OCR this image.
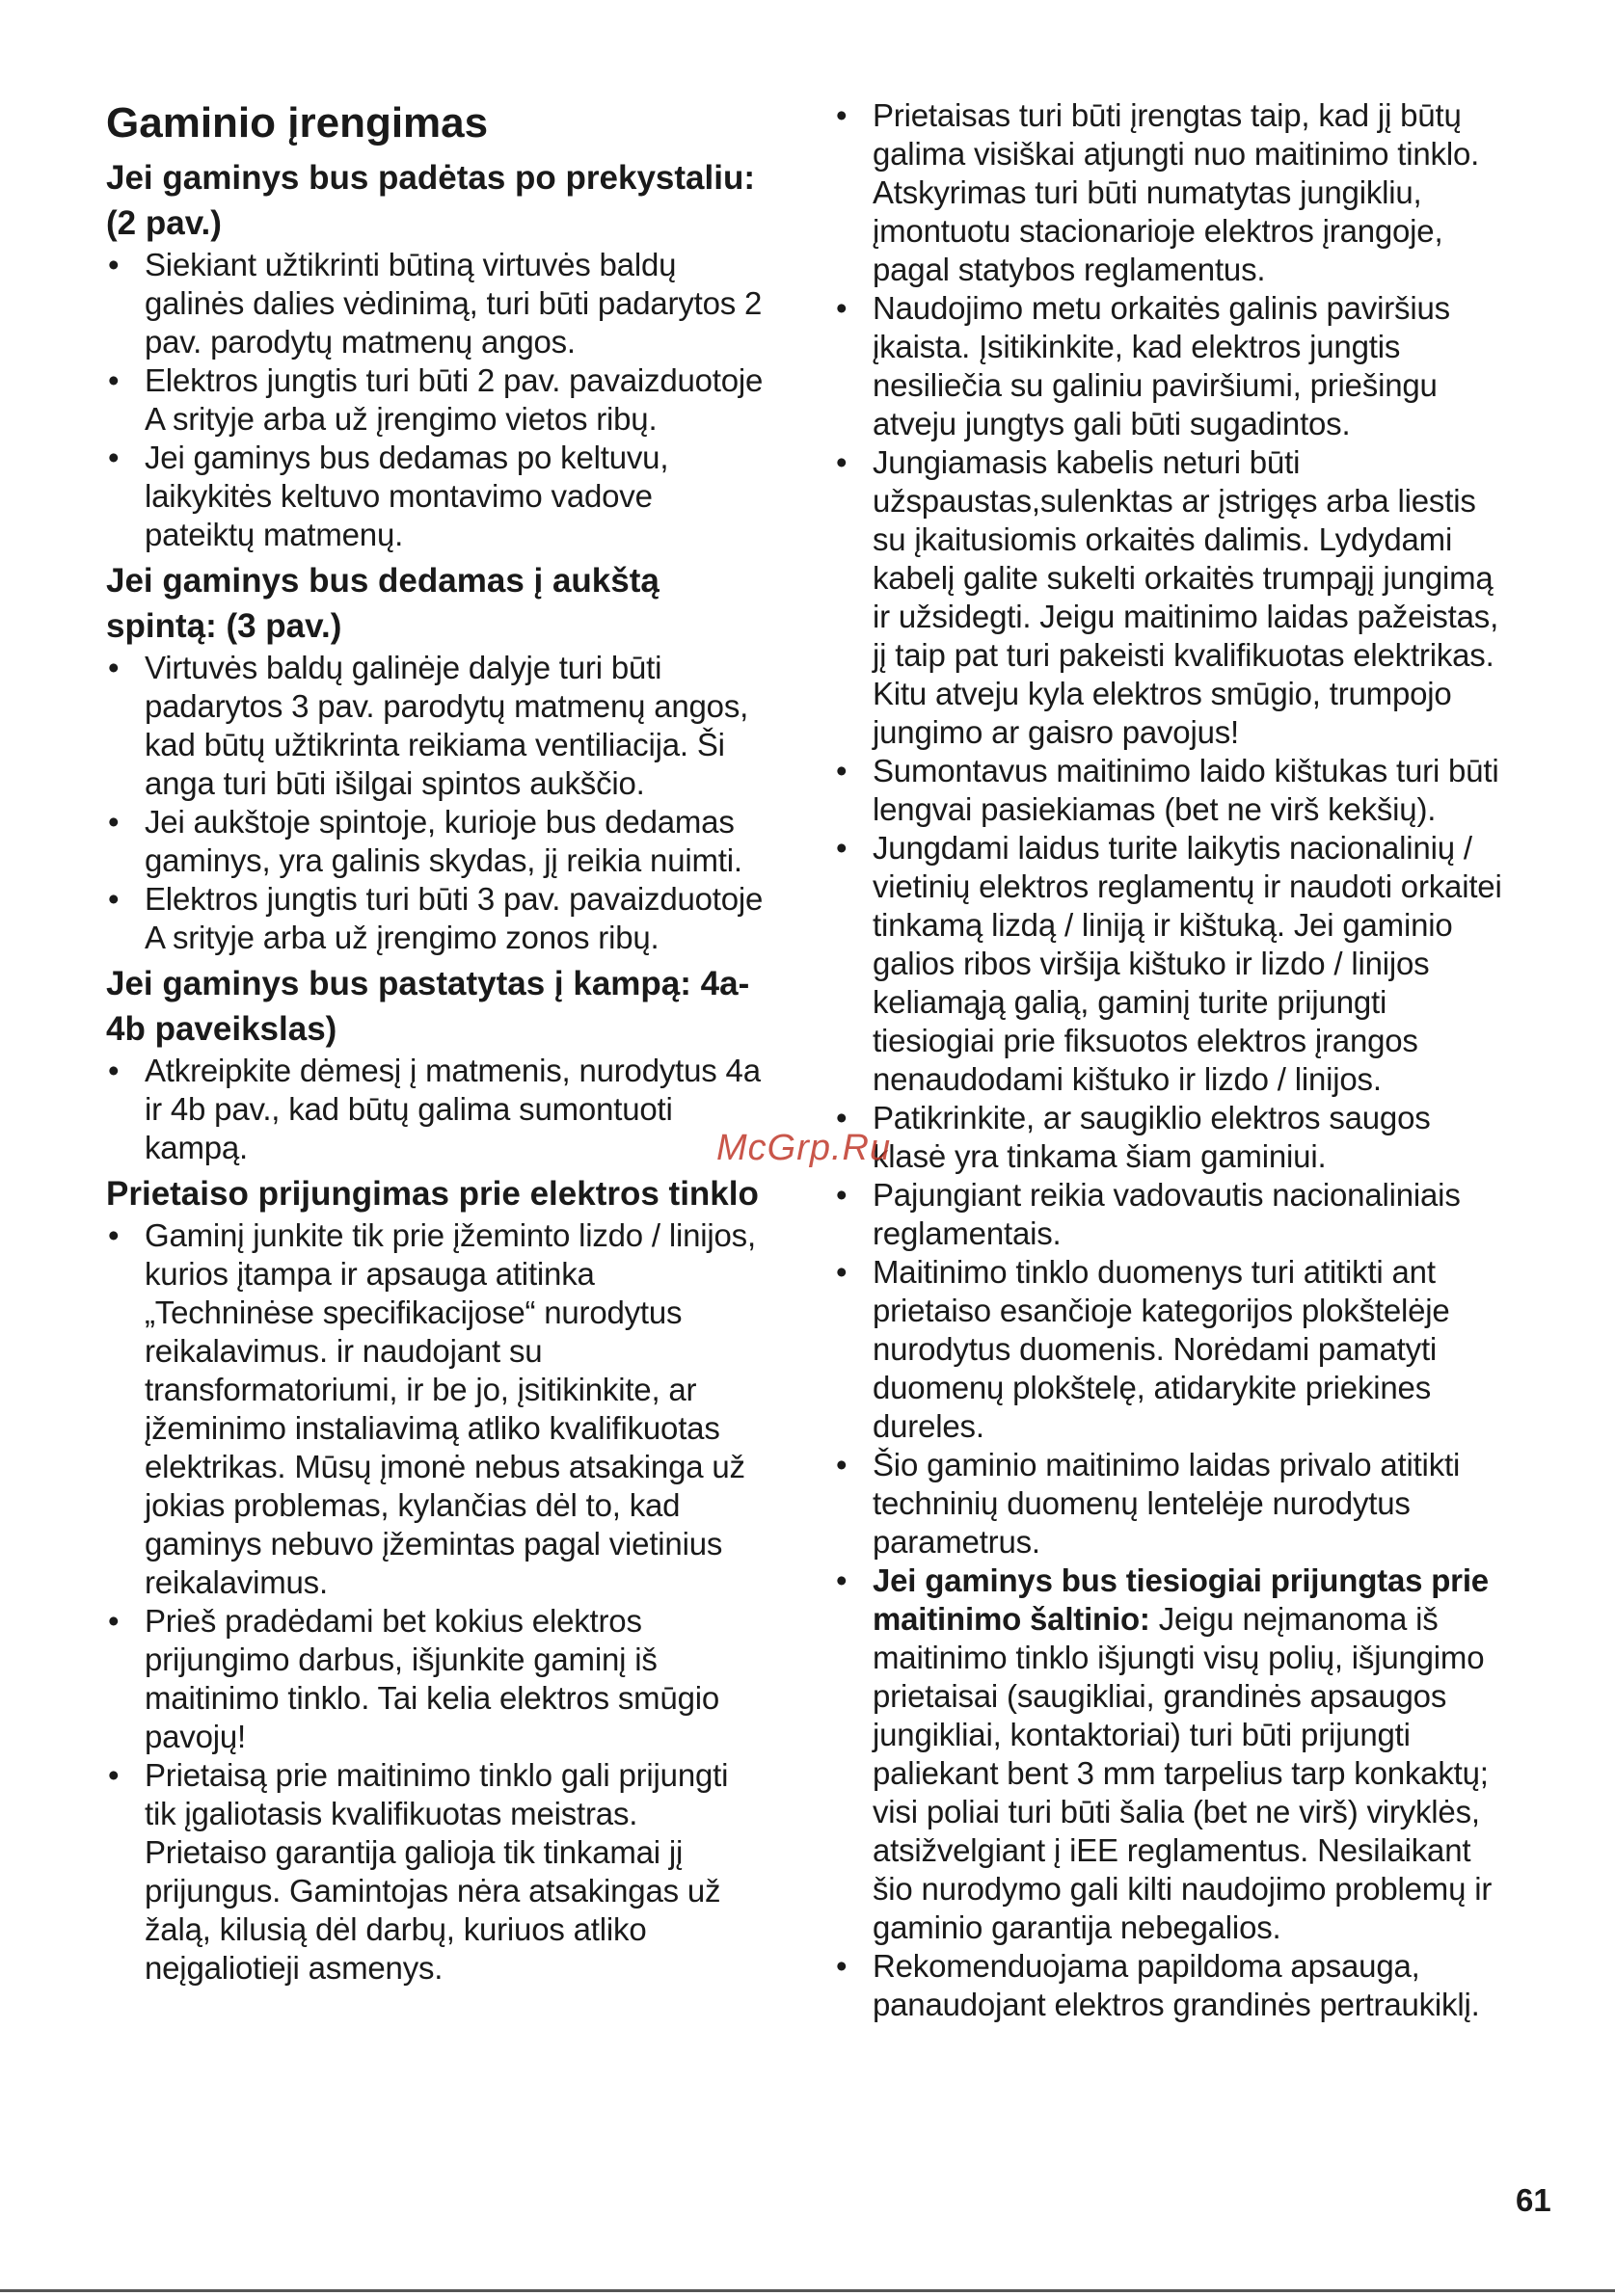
Gaminio įrengimas
Jei gaminys bus padėtas po prekystaliu: (2 pav.)
• Siekiant užtikrinti būtiną virtuvės baldų galinės dalies vėdinimą, turi būti padarytos 2 pav. parodytų matmenų angos.
• Elektros jungtis turi būti 2 pav. pavaizduotoje A srityje arba už įrengimo vietos ribų.
• Jei gaminys bus dedamas po keltuvu, laikykitės keltuvo montavimo vadove pateiktų matmenų.
Jei gaminys bus dedamas į aukštą spintą: (3 pav.)
• Virtuvės baldų galinėje dalyje turi būti padarytos 3 pav. parodytų matmenų angos, kad būtų užtikrinta reikiama ventiliacija. Ši anga turi būti išilgai spintos aukščio.
• Jei aukštoje spintoje, kurioje bus dedamas gaminys, yra galinis skydas, jį reikia nuimti.
• Elektros jungtis turi būti 3 pav. pavaizduotoje A srityje arba už įrengimo zonos ribų.
Jei gaminys bus pastatytas į kampą: 4a-4b paveikslas)
• Atkreipkite dėmesį į matmenis, nurodytus 4a ir 4b pav., kad būtų galima sumontuoti kampą.
Prietaiso prijungimas prie elektros tinklo
• Gaminį junkite tik prie įžeminto lizdo / linijos, kurios įtampa ir apsauga atitinka „Techninėse specifikacijose“ nurodytus reikalavimus. ir naudojant su transformatoriumi, ir be jo, įsitikinkite, ar įžeminimo instaliavimą atliko kvalifikuotas elektrikas. Mūsų įmonė nebus atsakinga už jokias problemas, kylančias dėl to, kad gaminys nebuvo įžemintas pagal vietinius reikalavimus.
• Prieš pradėdami bet kokius elektros prijungimo darbus, išjunkite gaminį iš maitinimo tinklo. Tai kelia elektros smūgio pavojų!
• Prietaisą prie maitinimo tinklo gali prijungti tik įgaliotasis kvalifikuotas meistras. Prietaiso garantija galioja tik tinkamai jį prijungus. Gamintojas nėra atsakingas už žalą, kilusią dėl darbų, kuriuos atliko neįgaliotieji asmenys.
• Prietaisas turi būti įrengtas taip, kad jį būtų galima visiškai atjungti nuo maitinimo tinklo. Atskyrimas turi būti numatytas jungikliu, įmontuotu stacionarioje elektros įrangoje, pagal statybos reglamentus.
• Naudojimo metu orkaitės galinis paviršius įkaista. Įsitikinkite, kad elektros jungtis nesiliečia su galiniu paviršiumi, priešingu atveju jungtys gali būti sugadintos.
• Jungiamasis kabelis neturi būti užspaustas,sulenktas ar įstrigęs arba liestis su įkaitusiomis orkaitės dalimis. Lydydami kabelį galite sukelti orkaitės trumpąjį jungimą ir užsidegti. Jeigu maitinimo laidas pažeistas, jį taip pat turi pakeisti kvalifikuotas elektrikas. Kitu atveju kyla elektros smūgio, trumpojo jungimo ar gaisro pavojus!
• Sumontavus maitinimo laido kištukas turi būti lengvai pasiekiamas (bet ne virš kekšių).
• Jungdami laidus turite laikytis nacionalinių / vietinių elektros reglamentų ir naudoti orkaitei tinkamą lizdą / liniją ir kištuką. Jei gaminio galios ribos viršija kištuko ir lizdo / linijos keliamąją galią, gaminį turite prijungti tiesiogiai prie fiksuotos elektros įrangos nenaudodami kištuko ir lizdo / linijos.
• Patikrinkite, ar saugiklio elektros saugos klasė yra tinkama šiam gaminiui.
• Pajungiant reikia vadovautis nacionaliniais reglamentais.
• Maitinimo tinklo duomenys turi atitikti ant prietaiso esančioje kategorijos plokštelėje nurodytus duomenis. Norėdami pamatyti duomenų plokštelę, atidarykite priekines dureles.
• Šio gaminio maitinimo laidas privalo atitikti techninių duomenų lentelėje nurodytus parametrus.
• Jei gaminys bus tiesiogiai prijungtas prie maitinimo šaltinio: Jeigu neįmanoma iš maitinimo tinklo išjungti visų polių, išjungimo prietaisai (saugikliai, grandinės apsaugos jungikliai, kontaktoriai) turi būti prijungti paliekant bent 3 mm tarpelius tarp konkaktų; visi poliai turi būti šalia (bet ne virš) viryklės, atsižvelgiant į iEE reglamentus. Nesilaikant šio nurodymo gali kilti naudojimo problemų ir gaminio garantija nebegalios.
• Rekomenduojama papildoma apsauga, panaudojant elektros grandinės pertraukiklį.
McGrp.Ru
61
